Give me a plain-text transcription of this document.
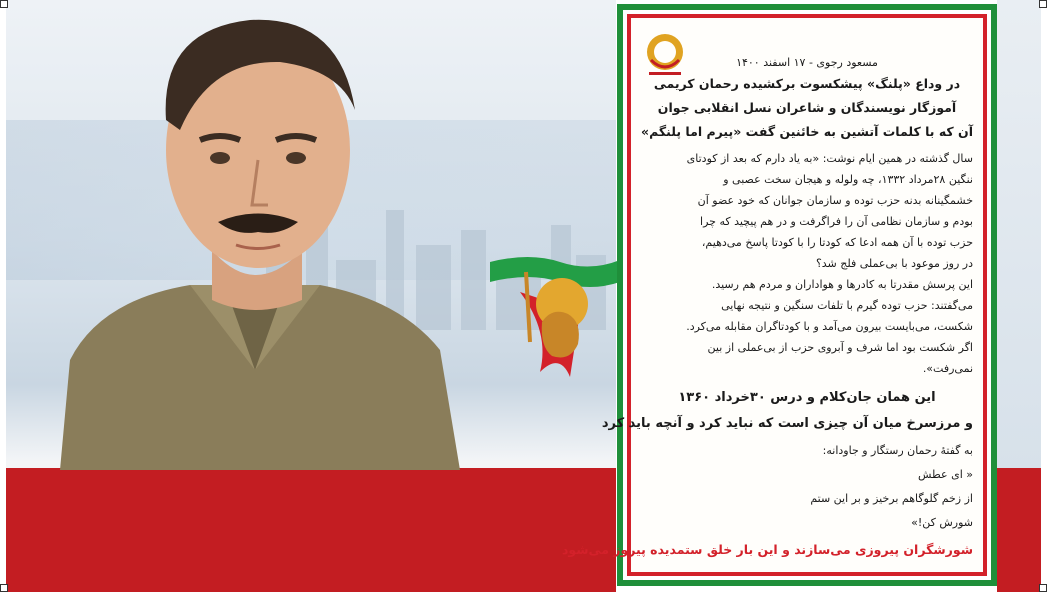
مسعود رجوی - ۱۷ اسفند ۱۴۰۰
در وداع «پلنگ» پیشکسوت برکشیده رحمان کریمی
آموزگار نویسندگان و شاعران نسل انقلابی جوان
آن که با کلمات آتشین به خائنین گفت «پیرم اما پلنگم»
سال گذشته در همین ایام نوشت: «به یاد دارم که بعد از کودتای
ننگین ۲۸مرداد ۱۳۳۲، چه ولوله و هیجان سخت عصبی و
خشمگینانه بدنه حزب توده و سازمان جوانان که خود عضو آن
بودم و سازمان نظامی آن را فراگرفت و در هم پیچید که چرا
حزب توده با آن همه ادعا که کودتا را با کودتا پاسخ می‌دهیم،
در روز موعود با بی‌عملی فلج شد؟
این پرسش مقدرتا به کادرها و هواداران و مردم هم رسید.
می‌گفتند: حزب توده گیرم با تلفات سنگین و نتیجه نهایی
شکست، می‌بایست بیرون می‌آمد و با کودتاگران مقابله می‌کرد.
اگر شکست بود اما شرف و آبروی حزب از بی‌عملی از بین
نمی‌رفت».
این همان جان‌کلام و درس ۳۰خرداد ۱۳۶۰
و مرزسرخ میان آن چیزی است که نباید کرد و آنچه باید کرد
به گفتهٔ رحمان رستگار و جاودانه:
« ای عطش
از زخم گلوگاهم برخیز و بر این ستم
شورش کن!»
شورشگران پیروزی می‌سازند و این بار خلق ستمدیده پیروز می‌شود
